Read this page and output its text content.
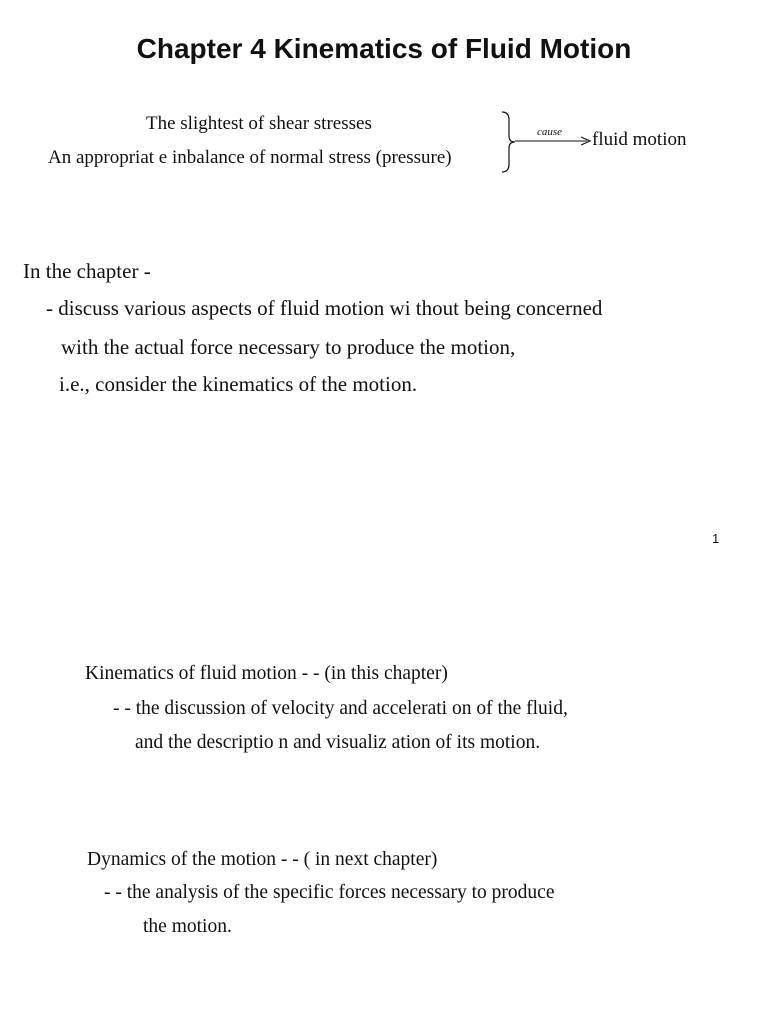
Chapter 4 Kinematics of Fluid Motion
The slightest of shear stresses
An appropriat e inbalance of normal stress (pressure)
cause fluid motion
In the chapter -
- discuss various aspects of fluid motion wi thout being concerned
with the actual force necessary to produce the motion,
i.e., consider the kinematics of the motion.
1
Kinematics of fluid motion - - (in this chapter)
- - the discussion of velocity and accelerati on of the fluid,
and the descriptio n and visualiz ation of its motion.
Dynamics of the motion - - ( in next chapter)
- - the analysis of the specific forces necessary to produce
the motion.
